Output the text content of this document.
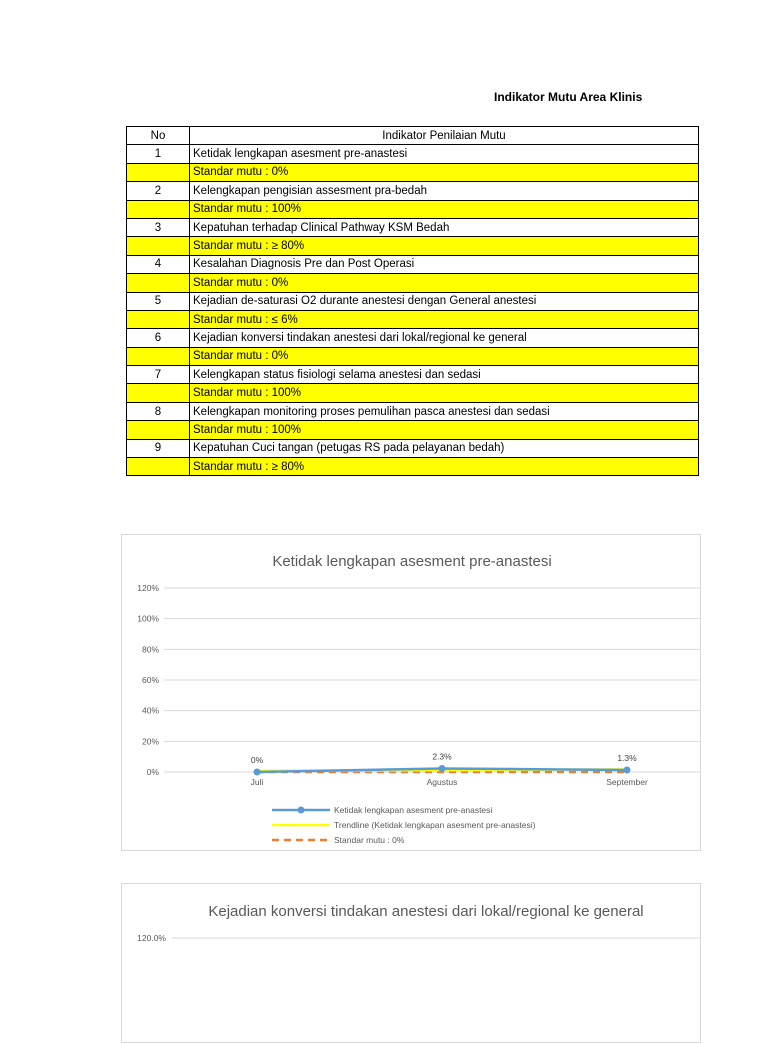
Indikator Mutu Area Klinis
No	Indikator Penilaian Mutu
1	Ketidak lengkapan asesment pre-anastesi
	Standar mutu : 0%
2	Kelengkapan pengisian assesment pra-bedah
	Standar mutu : 100%
3	Kepatuhan terhadap Clinical Pathway KSM Bedah
	Standar mutu : ≥ 80%
4	Kesalahan Diagnosis Pre dan Post Operasi
	Standar mutu : 0%
5	Kejadian de-saturasi O2 durante anestesi dengan General anestesi
	Standar mutu : ≤ 6%
6	Kejadian konversi tindakan anestesi dari lokal/regional ke general
	Standar mutu : 0%
7	Kelengkapan status fisiologi selama anestesi dan sedasi
	Standar mutu : 100%
8	Kelengkapan monitoring proses pemulihan pasca anestesi dan sedasi
	Standar mutu : 100%
9	Kepatuhan Cuci tangan (petugas RS pada pelayanan bedah)
	Standar mutu : ≥ 80%
Ketidak lengkapan asesment pre-anastesi
0%
20%
40%
60%
80%
100%
120%
Juli	Agustus	September
0%	2.3%	1.3%
Ketidak lengkapan asesment pre-anastesi
Trendline (Ketidak lengkapan asesment pre-anastesi)
Standar mutu : 0%
Kejadian konversi tindakan anestesi dari lokal/regional ke general
120.0%
